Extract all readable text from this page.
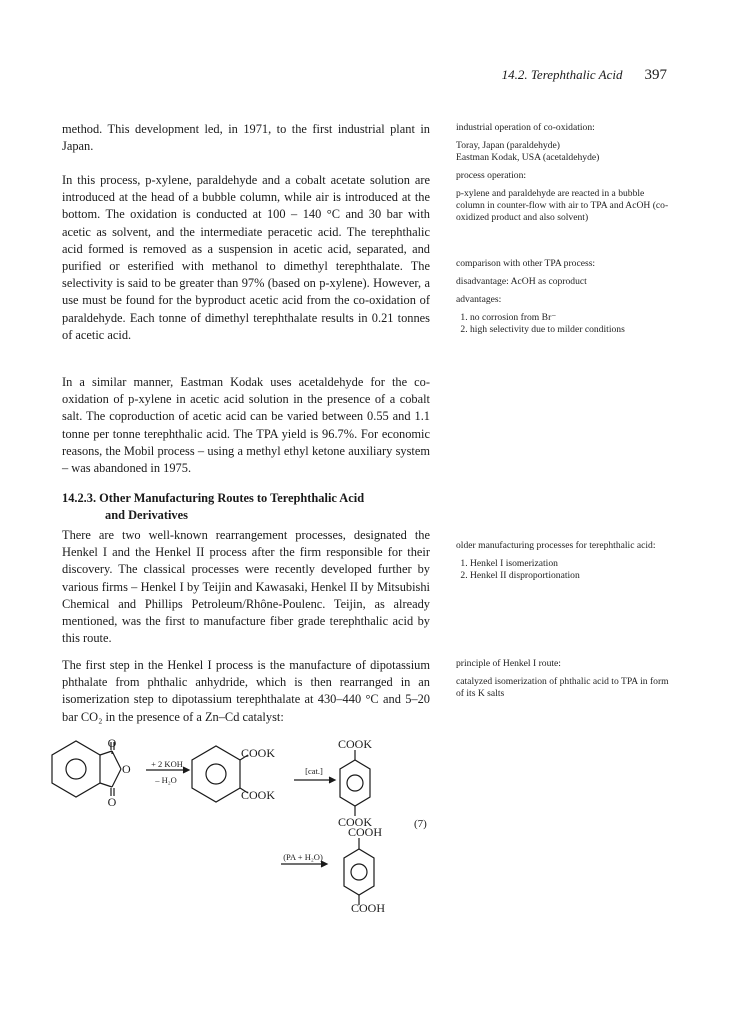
14.2. Terephthalic Acid 397

method. This development led, in 1971, to the first industrial plant in Japan.

In this process, p-xylene, paraldehyde and a cobalt acetate solution are introduced at the head of a bubble column, while air is introduced at the bottom. The oxidation is conducted at 100 – 140 °C and 30 bar with acetic as solvent, and the intermediate peracetic acid. The terephthalic acid formed is removed as a suspension in acetic acid, separated, and purified or esterified with methanol to dimethyl terephthalate. The selectivity is said to be greater than 97% (based on p-xylene). However, a use must be found for the byproduct acetic acid from the co-oxidation of paraldehyde. Each tonne of dimethyl terephthalate results in 0.21 tonnes of acetic acid.

In a similar manner, Eastman Kodak uses acetaldehyde for the co-oxidation of p-xylene in acetic acid solution in the presence of a cobalt salt. The coproduction of acetic acid can be varied between 0.55 and 1.1 tonne per tonne terephthalic acid. The TPA yield is 96.7%. For economic reasons, the Mobil process – using a methyl ethyl ketone auxiliary system – was abandoned in 1975.

14.2.3. Other Manufacturing Routes to Terephthalic Acid
and Derivatives

There are two well-known rearrangement processes, designated the Henkel I and the Henkel II process after the firm responsible for their discovery. The classical processes were recently developed further by various firms – Henkel I by Teijin and Kawasaki, Henkel II by Mitsubishi Chemical and Phillips Petroleum/Rhône-Poulenc. Teijin, as already mentioned, was the first to manufacture fiber grade terephthalic acid by this route.

The first step in the Henkel I process is the manufacture of dipotassium phthalate from phthalic anhydride, which is then rearranged in an isomerization step to dipotassium terephthalate at 430–440 °C and 5–20 bar CO₂ in the presence of a Zn–Cd catalyst:

industrial operation of co-oxidation:

Toray, Japan (paraldehyde)

Eastman Kodak, USA (acetaldehyde)

process operation:

p-xylene and paraldehyde are reacted in a bubble column in counter-flow with air to TPA and AcOH (co-oxidized product and also solvent)

comparison with other TPA process:

disadvantage: AcOH as coproduct

advantages:

1. no corrosion from Br⁻
2. high selectivity due to milder conditions

older manufacturing processes for terephthalic acid:

1. Henkel I isomerization
2. Henkel II disproportionation

principle of Henkel I route:

catalyzed isomerization of phthalic acid to TPA in form of its K salts

O
O
O
+ 2 KOH
– H₂O
COOK
COOK
[cat.]
COOK
COOK	(7)
COOH
(PA + H₂O)
COOH
